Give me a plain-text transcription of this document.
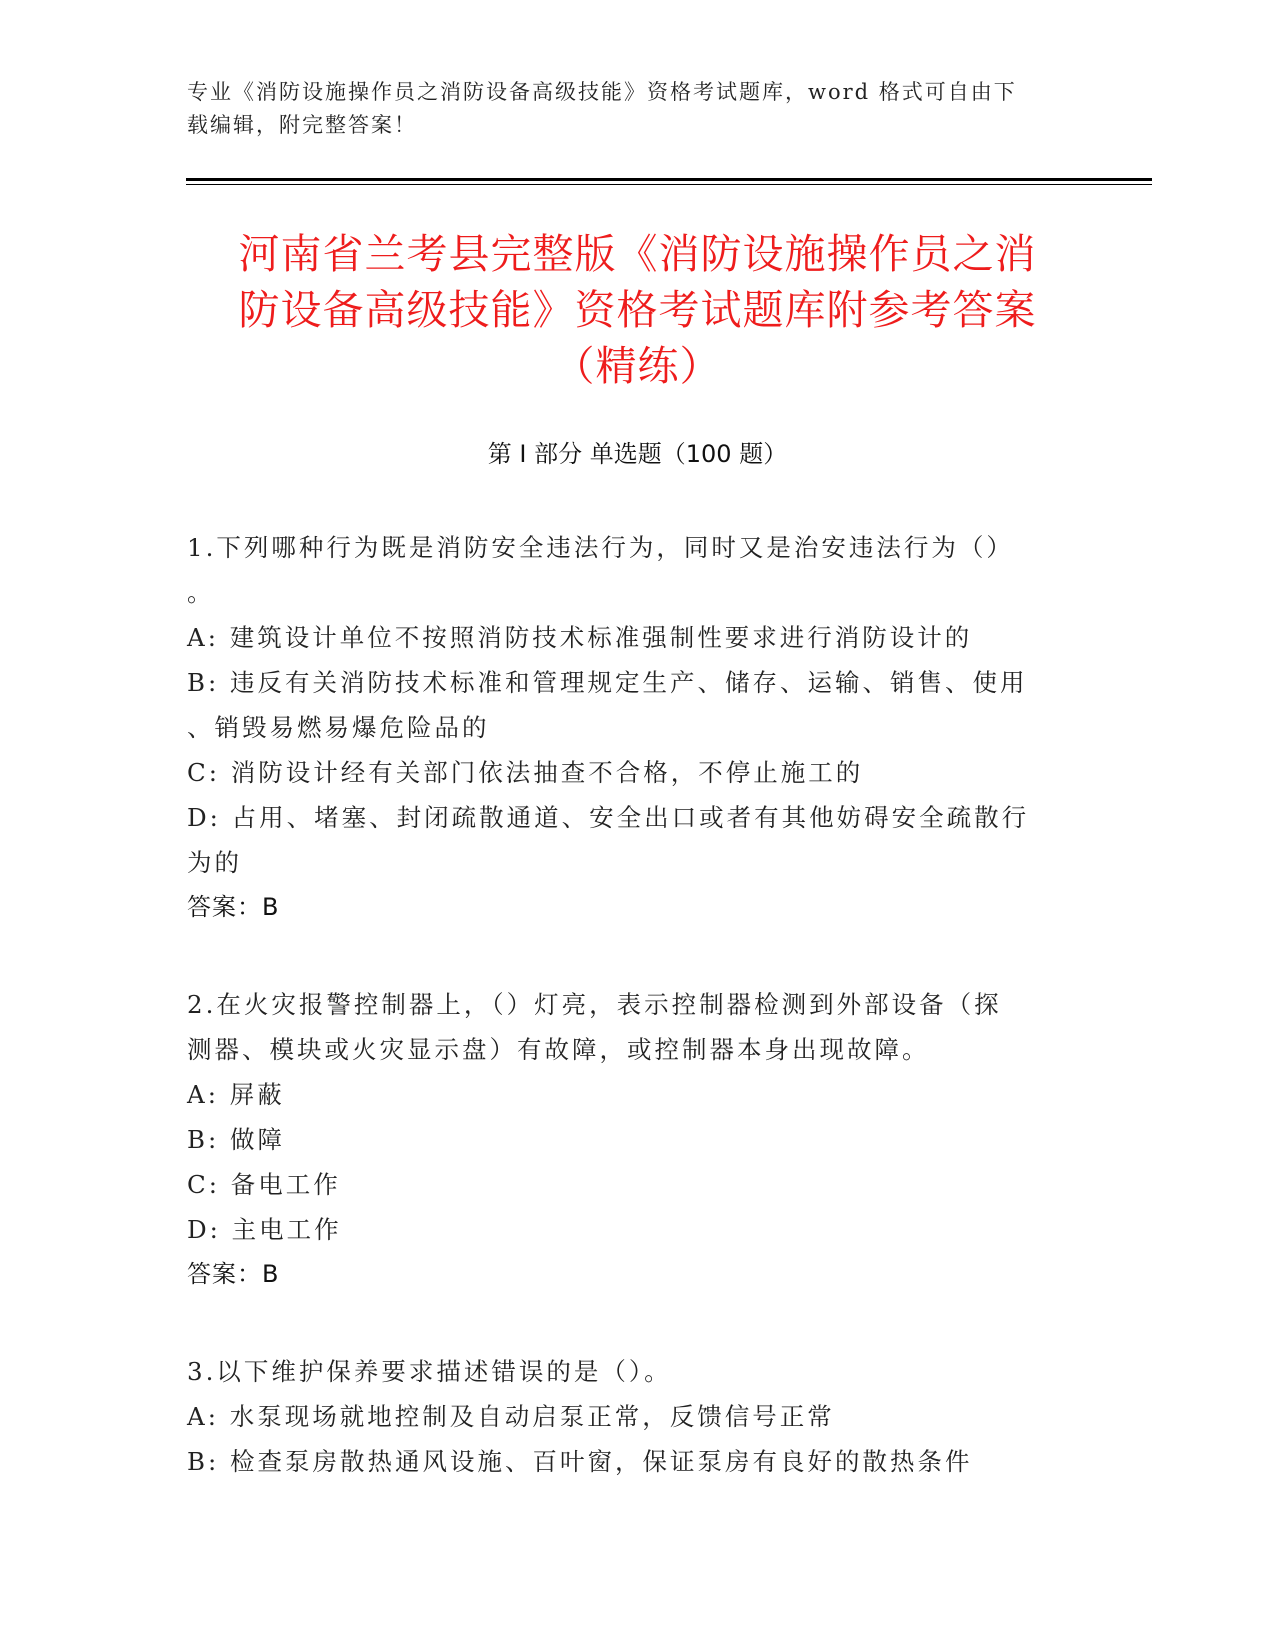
专业《消防设施操作员之消防设备高级技能》资格考试题库，word 格式可自由下

载编辑，附完整答案！

河南省兰考县完整版《消防设施操作员之消

防设备高级技能》资格考试题库附参考答案

（精练）

第 I 部分 单选题（100 题）

1.下列哪种行为既是消防安全违法行为，同时又是治安违法行为（）

。

A: 建筑设计单位不按照消防技术标准强制性要求进行消防设计的

B: 违反有关消防技术标准和管理规定生产、储存、运输、销售、使用

、销毁易燃易爆危险品的

C: 消防设计经有关部门依法抽查不合格，不停止施工的

D: 占用、堵塞、封闭疏散通道、安全出口或者有其他妨碍安全疏散行

为的

答案：B

2.在火灾报警控制器上，（）灯亮，表示控制器检测到外部设备（探

测器、模块或火灾显示盘）有故障，或控制器本身出现故障。

A: 屏蔽

B: 做障

C: 备电工作

D: 主电工作

答案：B

3.以下维护保养要求描述错误的是（）。

A: 水泵现场就地控制及自动启泵正常，反馈信号正常

B: 检查泵房散热通风设施、百叶窗，保证泵房有良好的散热条件
